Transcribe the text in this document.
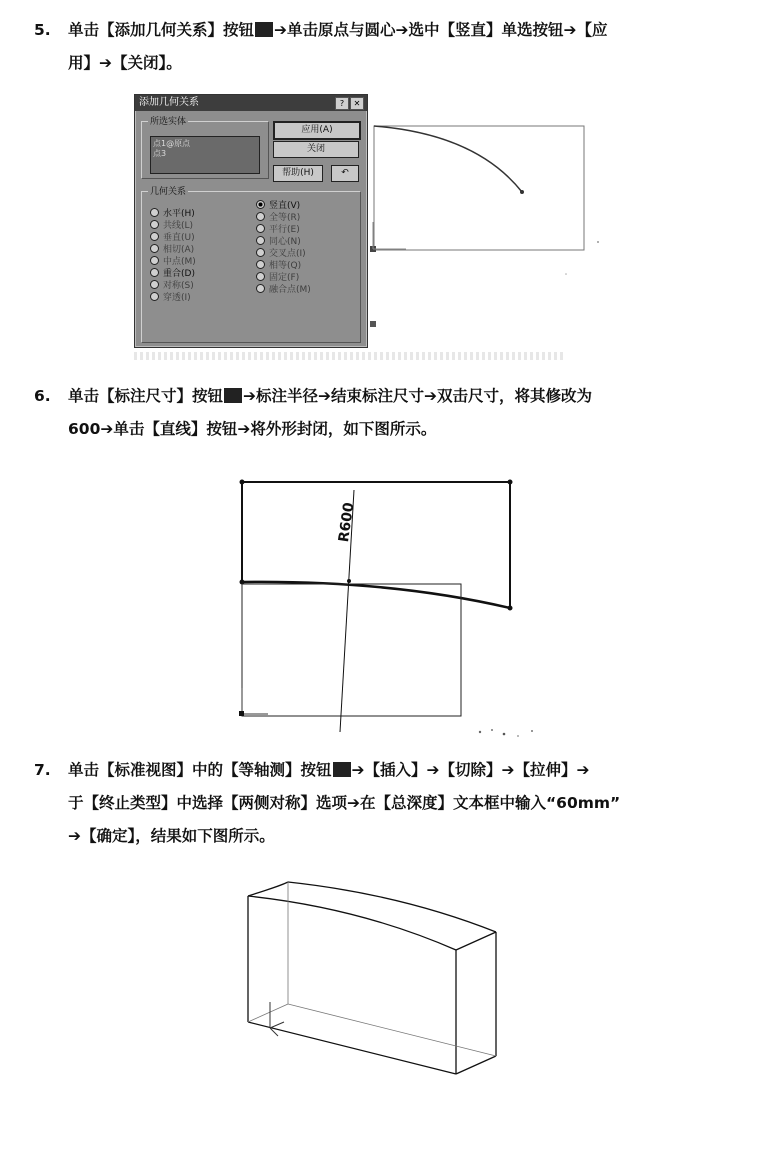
5. 单击【添加几何关系】按钮 ➔单击原点与圆心➔选中【竖直】单选按钮➔【应
用】➔【关闭】。
添加几何关系	?	✕
所选实体
点1@原点
点3
应用(A)
关闭
帮助(H)	↶
几何关系
水平(H)
共线(L)
垂直(U)
相切(A)
中点(M)
重合(D)
对称(S)
穿透(I)
竖直(V)
全等(R)
平行(E)
同心(N)
交叉点(I)
相等(Q)
固定(F)
融合点(M)
6. 单击【标注尺寸】按钮 ➔标注半径➔结束标注尺寸➔双击尺寸，将其修改为
600➔单击【直线】按钮➔将外形封闭，如下图所示。
R600
7. 单击【标准视图】中的【等轴测】按钮 ➔【插入】➔【切除】➔【拉伸】➔
于【终止类型】中选择【两侧对称】选项➔在【总深度】文本框中输入“60mm”
➔【确定】，结果如下图所示。
